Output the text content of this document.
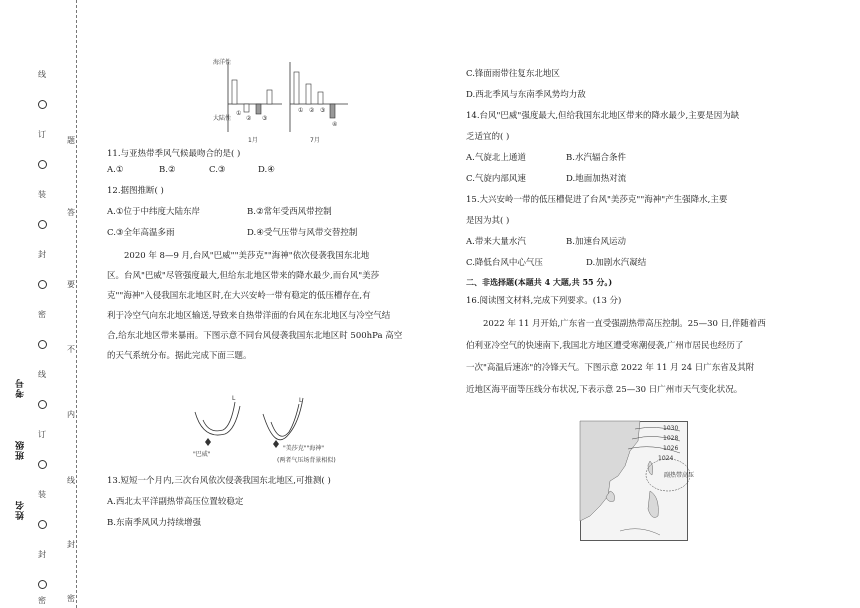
线
订
装
封
密
线
订
装
封
密
题
答
要
不
内
线
封
密
考号
班级
姓名
海洋性
大陆性
①
② ③
① ② ③
④
1月	7月

11.与亚热带季风气候最吻合的是( )

A.①	B.②	C.③	D.④

12.据图推断( )

A.①位于中纬度大陆东岸	B.②常年受西风带控制

C.③全年高温多雨	D.④受气压带与风带交替控制

2020 年 8—9 月,台风"巴威""美莎克""海神"依次侵袭我国东北地

区。台风"巴威"尽管强度最大,但给东北地区带来的降水最少,而台风"美莎

克""海神"入侵我国东北地区时,在大兴安岭一带有稳定的低压槽存在,有

利于冷空气向东北地区输送,导致来自热带洋面的台风在东北地区与冷空气结

合,给东北地区带来暴雨。下图示意不同台风侵袭我国东北地区时 500hPa 高空

的天气系统分布。据此完成下面三题。

L
"巴威"
L
"美莎克""海神"
(两者气压场背景相似)

13.短短一个月内,三次台风依次侵袭我国东北地区,可推测( )

A.西北太平洋副热带高压位置较稳定

B.东南季风风力持续增强

C.锋面雨带往复东北地区

D.西北季风与东南季风势均力敌

14.台风"巴威"强度最大,但给我国东北地区带来的降水最少,主要是因为缺

乏适宜的( )

A.气旋北上通道	B.水汽辐合条件

C.气旋内部风速	D.地面加热对流

15.大兴安岭一带的低压槽促进了台风"美莎克""海神"产生强降水,主要

是因为其( )

A.带来大量水汽	B.加速台风运动

C.降低台风中心气压	D.加剧水汽凝结

二、非选择题(本题共 4 大题,共 55 分。)

16.阅读图文材料,完成下列要求。(13 分)

2022 年 11 月开始,广东省一直受强副热带高压控制。25—30 日,伴随着西

伯利亚冷空气的快速南下,我国北方地区遭受寒潮侵袭,广州市居民也经历了

一次"高温后速冻"的冷锋天气。下图示意 2022 年 11 月 24 日广东省及其附

近地区海平面等压线分布状况,下表示意 25—30 日广州市天气变化状况。

1030
1028
1026
1024
副热带高压
